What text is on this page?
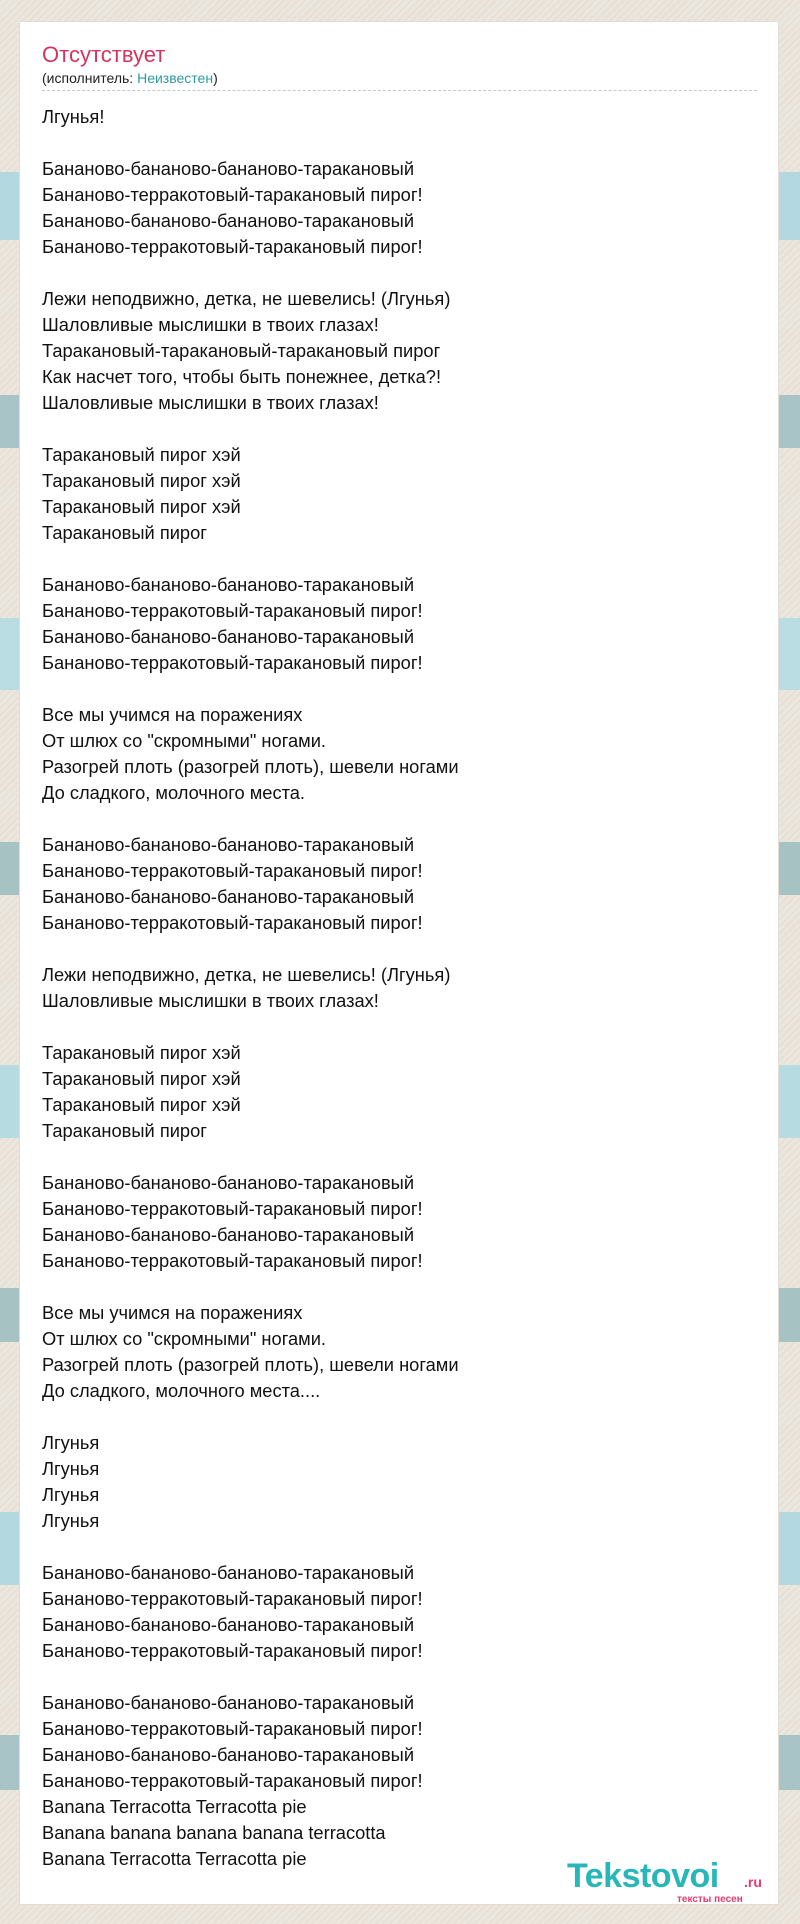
Отсутствует
(исполнитель: Неизвестен)
Лгунья!

Бананово-бананово-бананово-таракановый
Бананово-терракотовый-таракановый пирог!
Бананово-бананово-бананово-таракановый
Бананово-терракотовый-таракановый пирог!

Лежи неподвижно, детка, не шевелись! (Лгунья)
Шаловливые мыслишки в твоих глазах!
Таракановый-таракановый-таракановый пирог
Как насчет того, чтобы быть понежнее, детка?!
Шаловливые мыслишки в твоих глазах!

Таракановый пирог хэй
Таракановый пирог хэй
Таракановый пирог хэй
Таракановый пирог

Бананово-бананово-бананово-таракановый
Бананово-терракотовый-таракановый пирог!
Бананово-бананово-бананово-таракановый
Бананово-терракотовый-таракановый пирог!

Все мы учимся на поражениях
От шлюх со "скромными" ногами.
Разогрей плоть (разогрей плоть), шевели ногами
До сладкого, молочного места.

Бананово-бананово-бананово-таракановый
Бананово-терракотовый-таракановый пирог!
Бананово-бананово-бананово-таракановый
Бананово-терракотовый-таракановый пирог!

Лежи неподвижно, детка, не шевелись! (Лгунья)
Шаловливые мыслишки в твоих глазах!

Таракановый пирог хэй
Таракановый пирог хэй
Таракановый пирог хэй
Таракановый пирог

Бананово-бананово-бананово-таракановый
Бананово-терракотовый-таракановый пирог!
Бананово-бананово-бананово-таракановый
Бананово-терракотовый-таракановый пирог!

Все мы учимся на поражениях
От шлюх со "скромными" ногами.
Разогрей плоть (разогрей плоть), шевели ногами
До сладкого, молочного места....

Лгунья
Лгунья
Лгунья
Лгунья

Бананово-бананово-бананово-таракановый
Бананово-терракотовый-таракановый пирог!
Бананово-бананово-бананово-таракановый
Бананово-терракотовый-таракановый пирог!

Бананово-бананово-бананово-таракановый
Бананово-терракотовый-таракановый пирог!
Бананово-бананово-бананово-таракановый
Бананово-терракотовый-таракановый пирог!
Banana Terracotta Terracotta pie
Banana banana banana banana terracotta
Banana Terracotta Terracotta pie	Tekstovoi .ru
тексты песен
